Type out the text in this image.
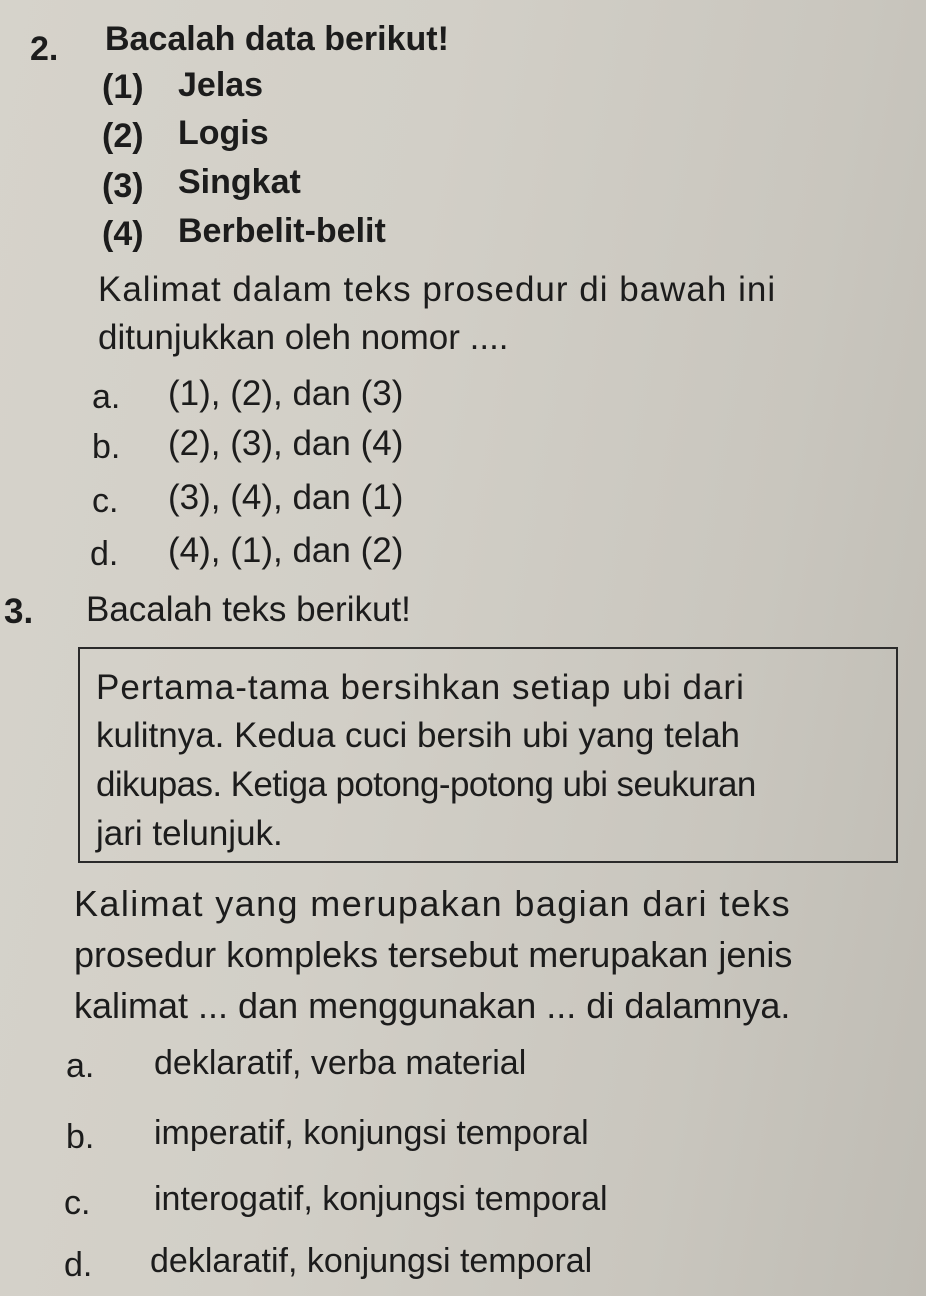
2. Bacalah data berikut!
(1) Jelas
(2) Logis
(3) Singkat
(4) Berbelit-belit
Kalimat dalam teks prosedur di bawah ini
ditunjukkan oleh nomor ....
a. (1), (2), dan (3)
b. (2), (3), dan (4)
c. (3), (4), dan (1)
d. (4), (1), dan (2)
3. Bacalah teks berikut!
Pertama-tama bersihkan setiap ubi dari
kulitnya. Kedua cuci bersih ubi yang telah
dikupas. Ketiga potong-potong ubi seukuran
jari telunjuk.
Kalimat yang merupakan bagian dari teks
prosedur kompleks tersebut merupakan jenis
kalimat ... dan menggunakan ... di dalamnya.
a. deklaratif, verba material
b. imperatif, konjungsi temporal
c. interogatif, konjungsi temporal
d. deklaratif, konjungsi temporal
